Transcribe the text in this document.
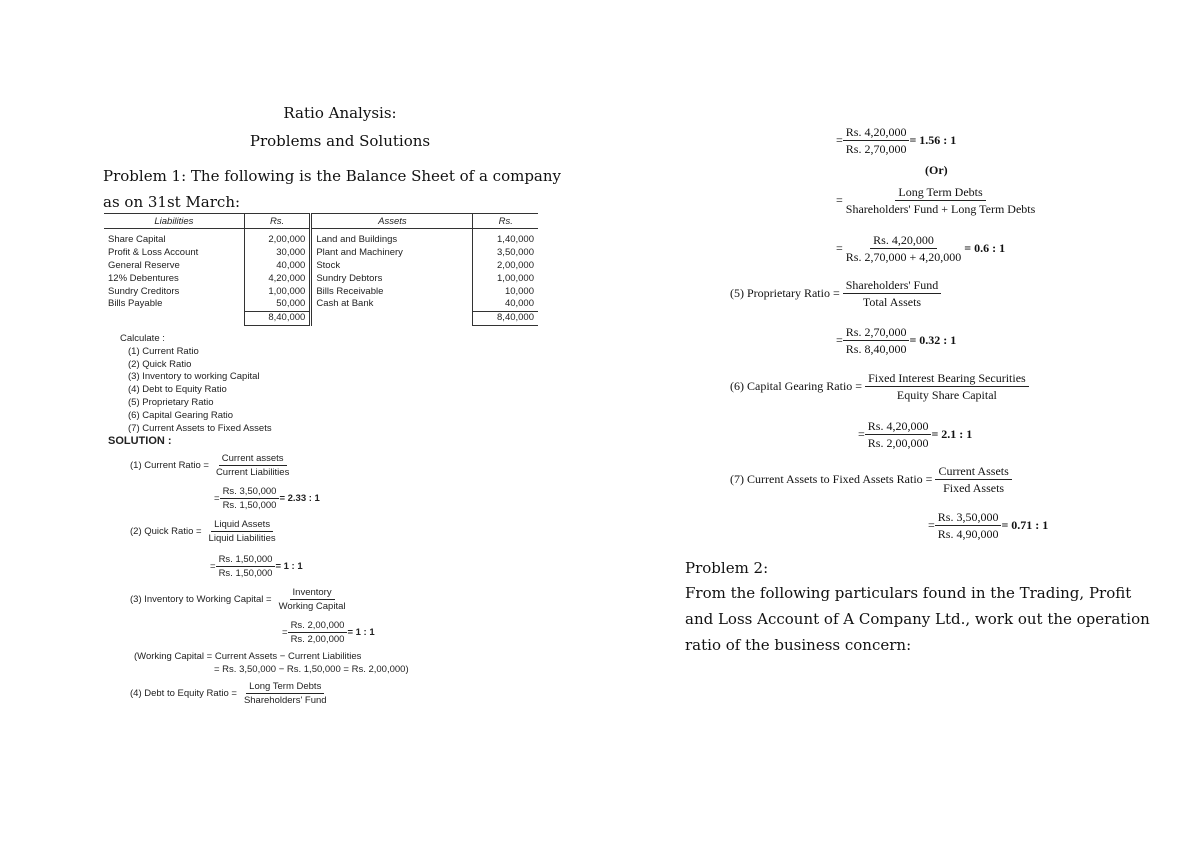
Ratio Analysis:
Problems and Solutions
Problem 1: The following is the Balance Sheet of a company as on 31st March:
Liabilities	Rs.	Assets	Rs.
Share Capital	2,00,000	Land and Buildings	1,40,000
Profit & Loss Account	30,000	Plant and Machinery	3,50,000
General Reserve	40,000	Stock	2,00,000
12% Debentures	4,20,000	Sundry Debtors	1,00,000
Sundry Creditors	1,00,000	Bills Receivable	10,000
Bills Payable	50,000	Cash at Bank	40,000
	8,40,000		8,40,000
Calculate :
(1) Current Ratio
(2) Quick Ratio
(3) Inventory to working Capital
(4) Debt to Equity Ratio
(5) Proprietary Ratio
(6) Capital Gearing Ratio
(7) Current Assets to Fixed Assets
SOLUTION :
(1) Current Ratio = $\frac{\text{Current assets}}{\text{Current Liabilities}}$
= $\frac{Rs. 3,50,000}{Rs. 1,50,000} = 2.33$ : 1
(2) Quick Ratio = $\frac{\text{Liquid Assets}}{\text{Liquid Liabilities}}$
= $\frac{Rs. 1,50,000}{Rs. 1,50,000} = 1$ : 1
(3) Inventory to Working Capital = $\frac{\text{Inventory}}{\text{Working Capital}}$
= $\frac{Rs. 2,00,000}{Rs. 2,00,000} = 1$ : 1
(Working Capital = Current Assets − Current Liabilities
= Rs. 3,50,000 − Rs. 1,50,000 = Rs. 2,00,000)
(4) Debt to Equity Ratio = $\frac{\text{Long Term Debts}}{\text{Shareholders' Fund}}$
= $\frac{Rs. 4,20,000}{Rs. 2,70,000} = 1.56$ : 1
(Or)
= $\frac{\text{Long Term Debts}}{\text{Shareholders' Fund + Long Term Debts}}$
= $\frac{Rs. 4,20,000}{Rs. 2,70,000 + 4,20,000} = 0.6$ : 1
(5) Proprietary Ratio = $\frac{\text{Shareholders' Fund}}{\text{Total Assets}}$
= $\frac{Rs. 2,70,000}{Rs. 8,40,000} = 0.32$ : 1
(6) Capital Gearing Ratio = $\frac{\text{Fixed Interest Bearing Securities}}{\text{Equity Share Capital}}$
= $\frac{Rs. 4,20,000}{Rs. 2,00,000} = 2.1$ : 1
(7) Current Assets to Fixed Assets Ratio = $\frac{\text{Current Assets}}{\text{Fixed Assets}}$
= $\frac{Rs. 3,50,000}{Rs. 4,90,000} = 0.71$ : 1
Problem 2:
From the following particulars found in the Trading, Profit and Loss Account of A Company Ltd., work out the operation ratio of the business concern:
